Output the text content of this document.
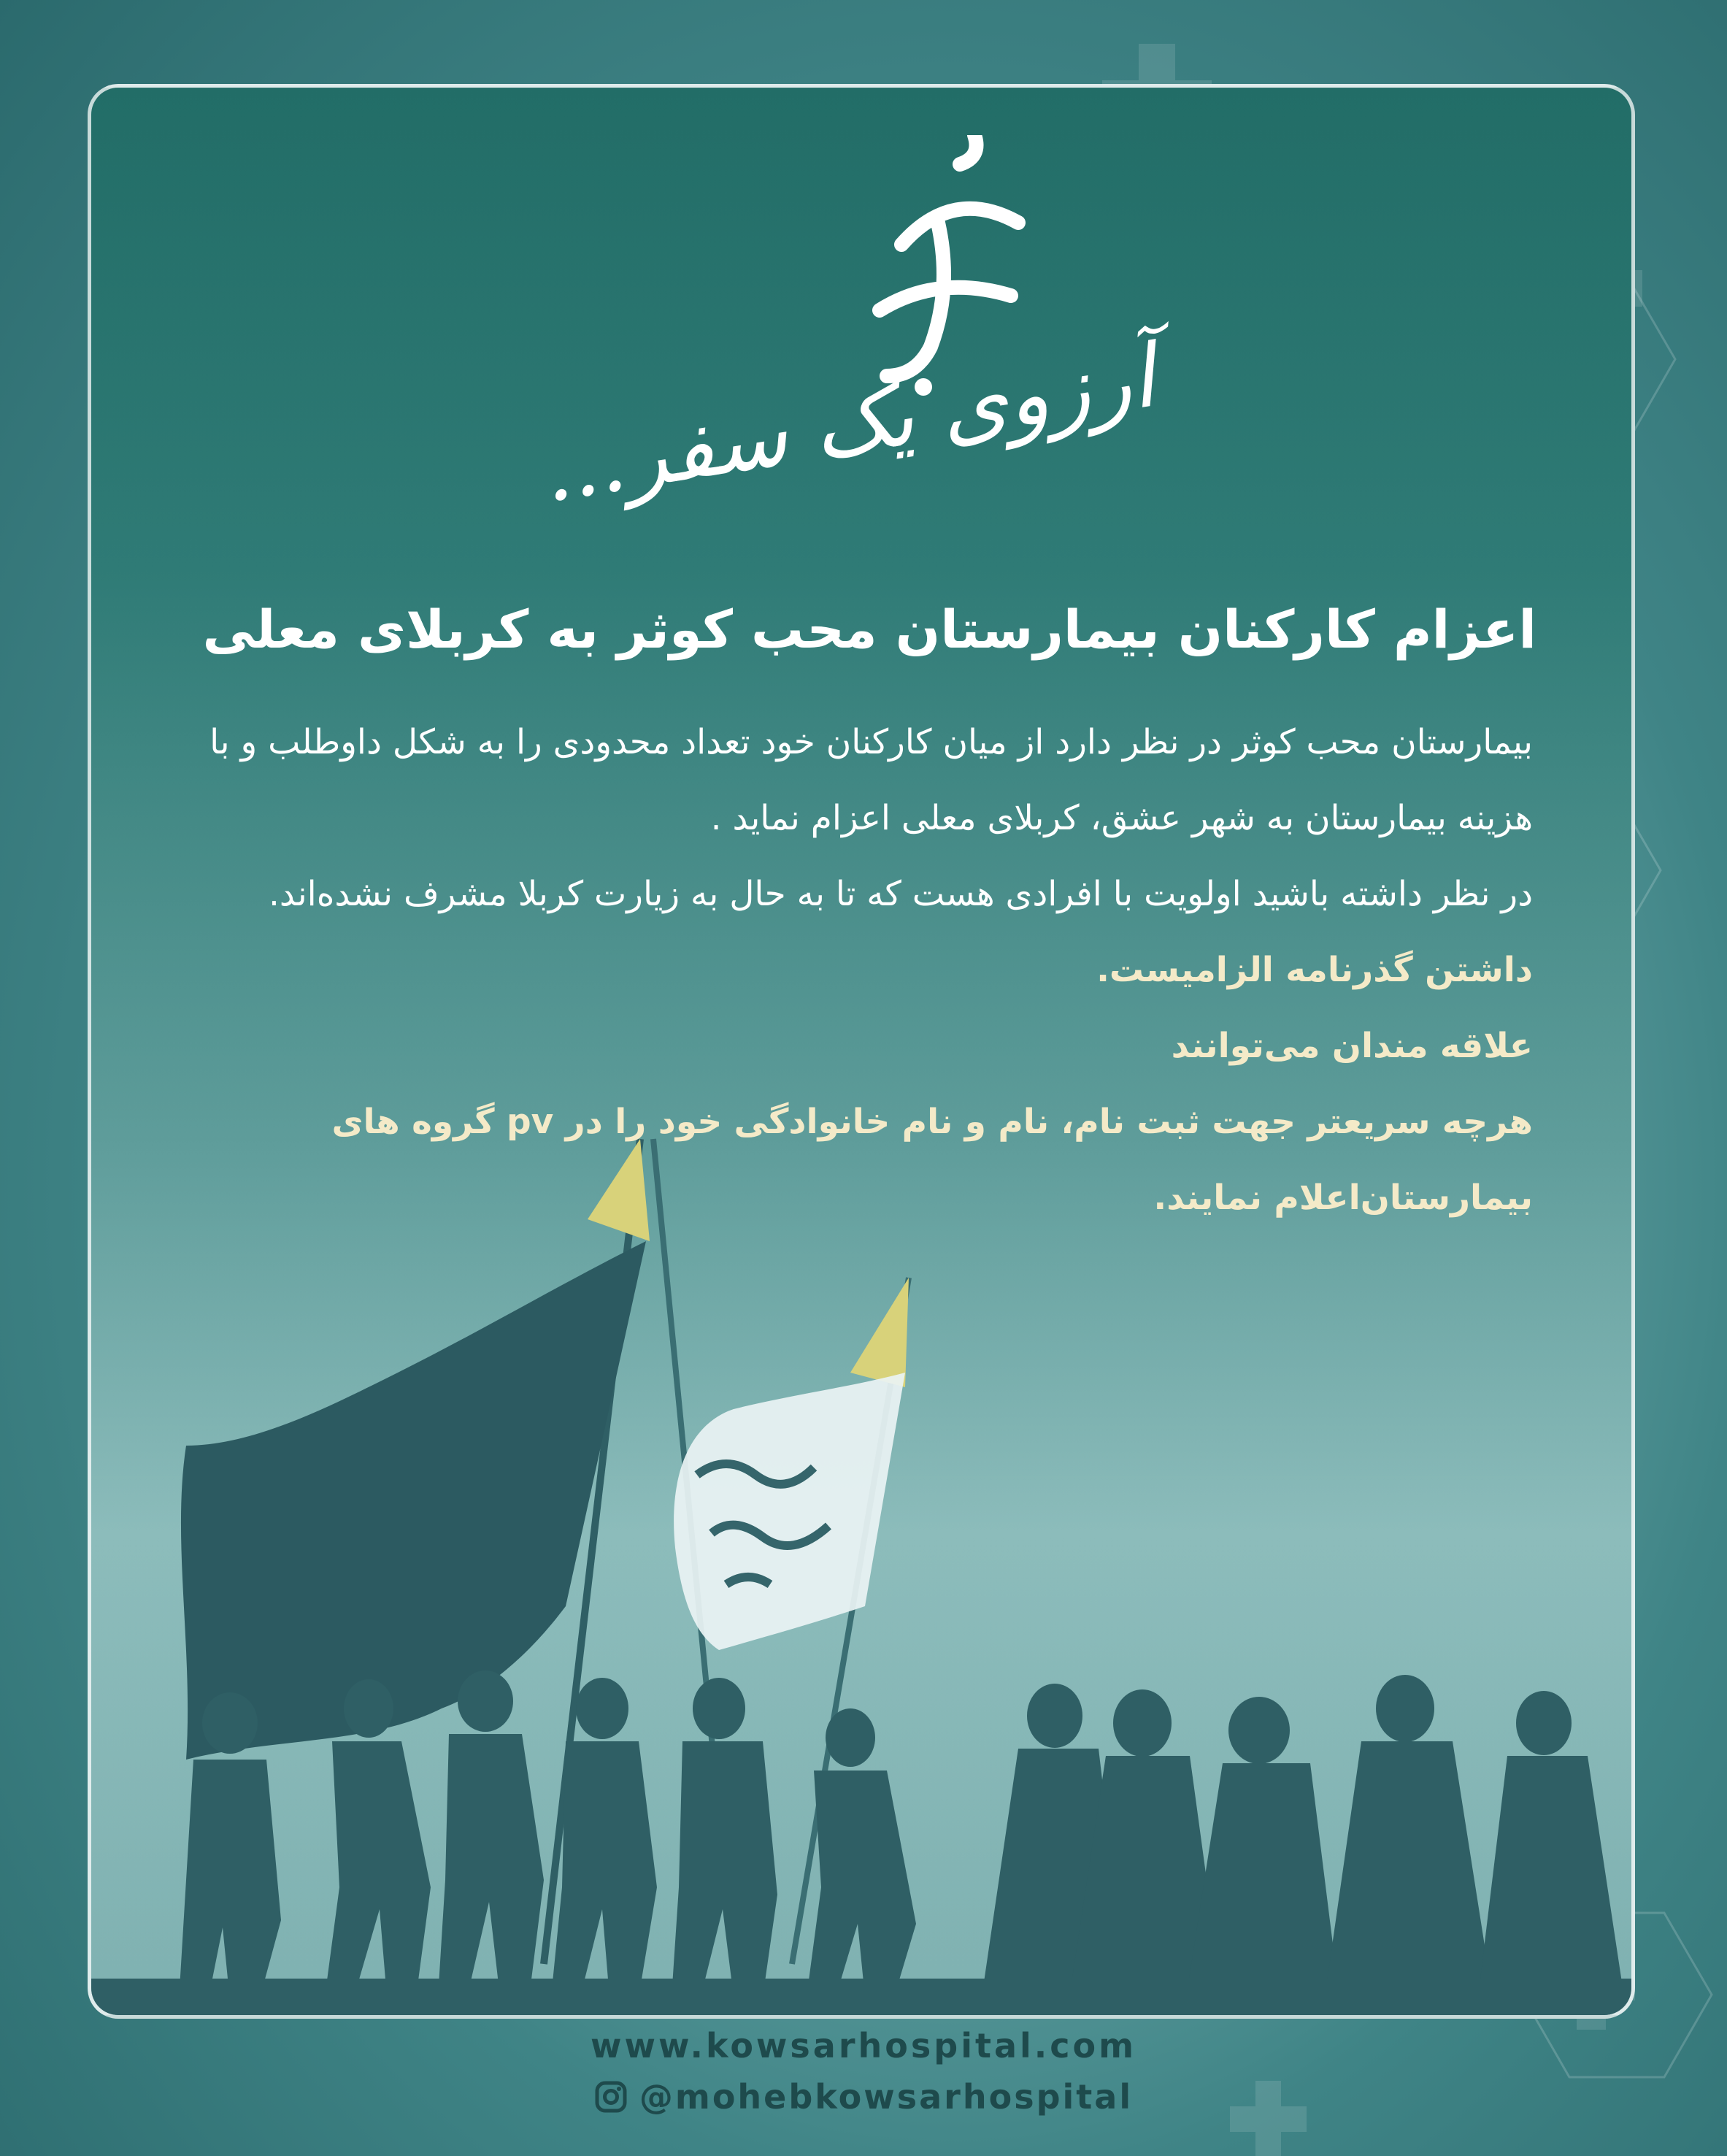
آرزوی یک سفر...
اعزام کارکنان بیمارستان محب کوثر به کربلای معلی

بیمارستان محب کوثر در نظر دارد از میان کارکنان خود تعداد محدودی را به شکل داوطلب و با هزینه بیمارستان به شهر عشق، کربلای معلی اعزام نماید .

در نظر داشته باشید اولویت با افرادی هست که تا به حال به زیارت کربلا مشرف نشده‌اند.

داشتن گذرنامه الزامیست.

علاقه مندان می‌توانند

هرچه سریعتر جهت ثبت نام، نام و نام خانوادگی خود را در pv گروه های بیمارستان‌اعلام نمایند.

www.kowsarhospital.com
@mohebkowsarhospital
